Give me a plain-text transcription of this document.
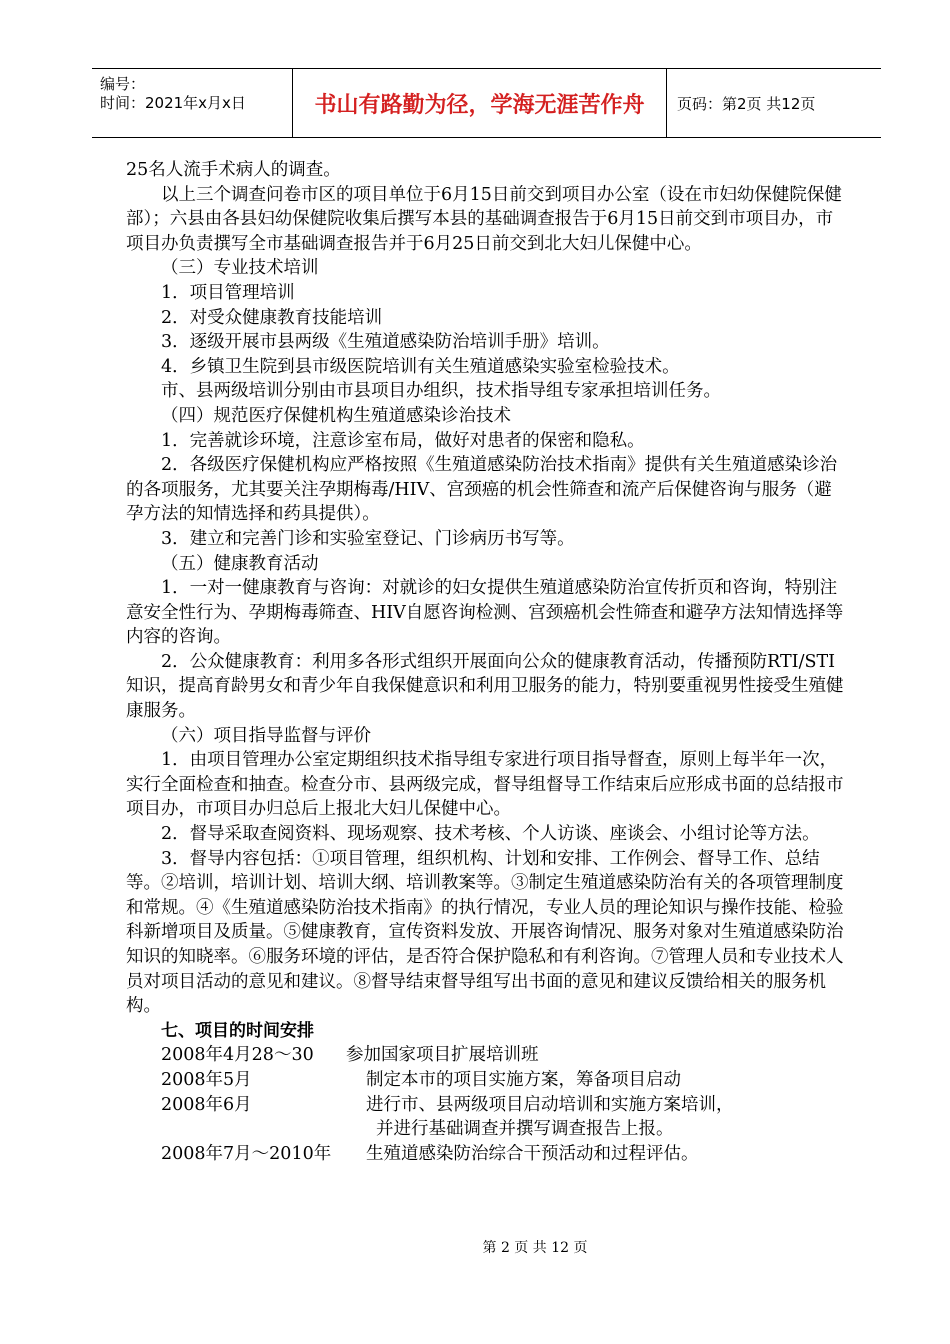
编号：
时间：2021年x月x日	书山有路勤为径，学海无涯苦作舟	页码：第2页 共12页

25名人流手术病人的调查。

以上三个调查问卷市区的项目单位于6月15日前交到项目办公室（设在市妇幼保健院保健部）；六县由各县妇幼保健院收集后撰写本县的基础调查报告于6月15日前交到市项目办，市项目办负责撰写全市基础调查报告并于6月25日前交到北大妇儿保健中心。

（三）专业技术培训

1．项目管理培训

2．对受众健康教育技能培训

3．逐级开展市县两级《生殖道感染防治培训手册》培训。

4．乡镇卫生院到县市级医院培训有关生殖道感染实验室检验技术。

市、县两级培训分别由市县项目办组织，技术指导组专家承担培训任务。

（四）规范医疗保健机构生殖道感染诊治技术

1．完善就诊环境，注意诊室布局，做好对患者的保密和隐私。

2．各级医疗保健机构应严格按照《生殖道感染防治技术指南》提供有关生殖道感染诊治的各项服务，尤其要关注孕期梅毒/HIV、宫颈癌的机会性筛查和流产后保健咨询与服务（避孕方法的知情选择和药具提供）。

3．建立和完善门诊和实验室登记、门诊病历书写等。

（五）健康教育活动

1．一对一健康教育与咨询：对就诊的妇女提供生殖道感染防治宣传折页和咨询，特别注意安全性行为、孕期梅毒筛查、HIV自愿咨询检测、宫颈癌机会性筛查和避孕方法知情选择等内容的咨询。

2．公众健康教育：利用多各形式组织开展面向公众的健康教育活动，传播预防RTI/STI知识，提高育龄男女和青少年自我保健意识和利用卫服务的能力，特别要重视男性接受生殖健康服务。

（六）项目指导监督与评价

1．由项目管理办公室定期组织技术指导组专家进行项目指导督查，原则上每半年一次，实行全面检查和抽查。检查分市、县两级完成，督导组督导工作结束后应形成书面的总结报市项目办，市项目办归总后上报北大妇儿保健中心。

2．督导采取查阅资料、现场观察、技术考核、个人访谈、座谈会、小组讨论等方法。

3．督导内容包括：①项目管理，组织机构、计划和安排、工作例会、督导工作、总结等。②培训，培训计划、培训大纲、培训教案等。③制定生殖道感染防治有关的各项管理制度和常规。④《生殖道感染防治技术指南》的执行情况，专业人员的理论知识与操作技能、检验科新增项目及质量。⑤健康教育，宣传资料发放、开展咨询情况、服务对象对生殖道感染防治知识的知晓率。⑥服务环境的评估，是否符合保护隐私和有利咨询。⑦管理人员和专业技术人员对项目活动的意见和建议。⑧督导结束督导组写出书面的意见和建议反馈给相关的服务机构。

七、项目的时间安排

2008年4月28～30	参加国家项目扩展培训班
2008年5月	制定本市的项目实施方案，筹备项目启动
2008年6月	进行市、县两级项目启动培训和实施方案培训，
并进行基础调查并撰写调查报告上报。
2008年7月～2010年	生殖道感染防治综合干预活动和过程评估。
第 2 页 共 12 页
